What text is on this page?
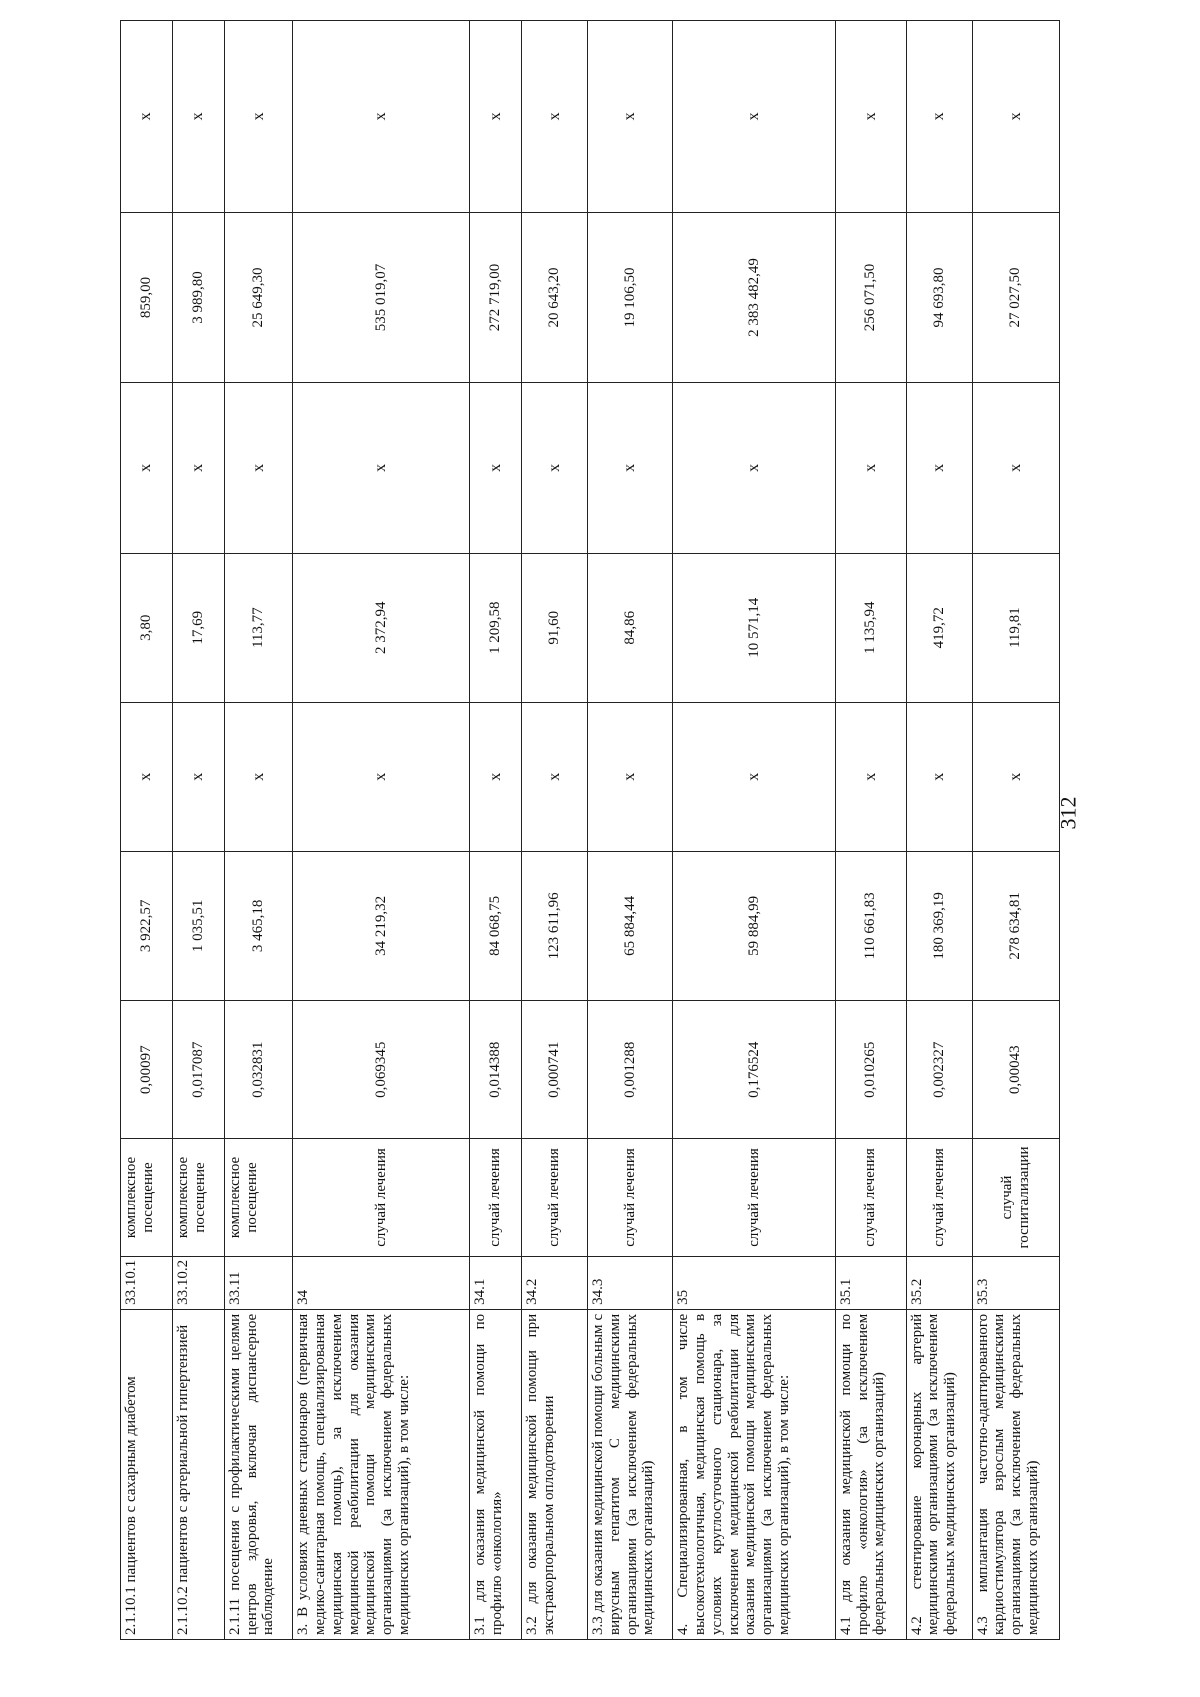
2.1.10.1 пациентов с сахарным диабетом	33.10.1	комплексное посещение	0,00097	3 922,57	х	3,80	х	859,00	х
2.1.10.2 пациентов с артериальной гипертензией	33.10.2	комплексное посещение	0,017087	1 035,51	х	17,69	х	3 989,80	х
2.1.11 посещения с профилактическими целями центров здоровья, включая диспансерное наблюдение	33.11	комплексное посещение	0,032831	3 465,18	х	113,77	х	25 649,30	х
3. В условиях дневных стационаров (первичная медико-санитарная помощь, специализированная медицинская помощь), за исключением медицинской реабилитации для оказания медицинской помощи медицинскими организациями (за исключением федеральных медицинских организаций), в том числе:	34	случай лечения	0,069345	34 219,32	х	2 372,94	х	535 019,07	х
3.1 для оказания медицинской помощи по профилю «онкология»	34.1	случай лечения	0,014388	84 068,75	х	1 209,58	х	272 719,00	х
3.2 для оказания медицинской помощи при экстракорпоральном оплодотворении	34.2	случай лечения	0,000741	123 611,96	х	91,60	х	20 643,20	х
3.3 для оказания медицинской помощи больным с вирусным гепатитом С медицинскими организациями (за исключением федеральных медицинских организаций)	34.3	случай лечения	0,001288	65 884,44	х	84,86	х	19 106,50	х
4. Специализированная, в том числе высокотехнологичная, медицинская помощь в условиях круглосуточного стационара, за исключением медицинской реабилитации для оказания медицинской помощи медицинскими организациями (за исключением федеральных медицинских организаций), в том числе:	35	случай лечения	0,176524	59 884,99	х	10 571,14	х	2 383 482,49	х
4.1 для оказания медицинской помощи по профилю «онкология» (за исключением федеральных медицинских организаций)	35.1	случай лечения	0,010265	110 661,83	х	1 135,94	х	256 071,50	х
4.2 стентирование коронарных артерий медицинскими организациями (за исключением федеральных медицинских организаций)	35.2	случай лечения	0,002327	180 369,19	х	419,72	х	94 693,80	х
4.3 имплантация частотно-адаптированного кардиостимулятора взрослым медицинскими организациями (за исключением федеральных медицинских организаций)	35.3	случай госпитализации	0,00043	278 634,81	х	119,81	х	27 027,50	х
312
